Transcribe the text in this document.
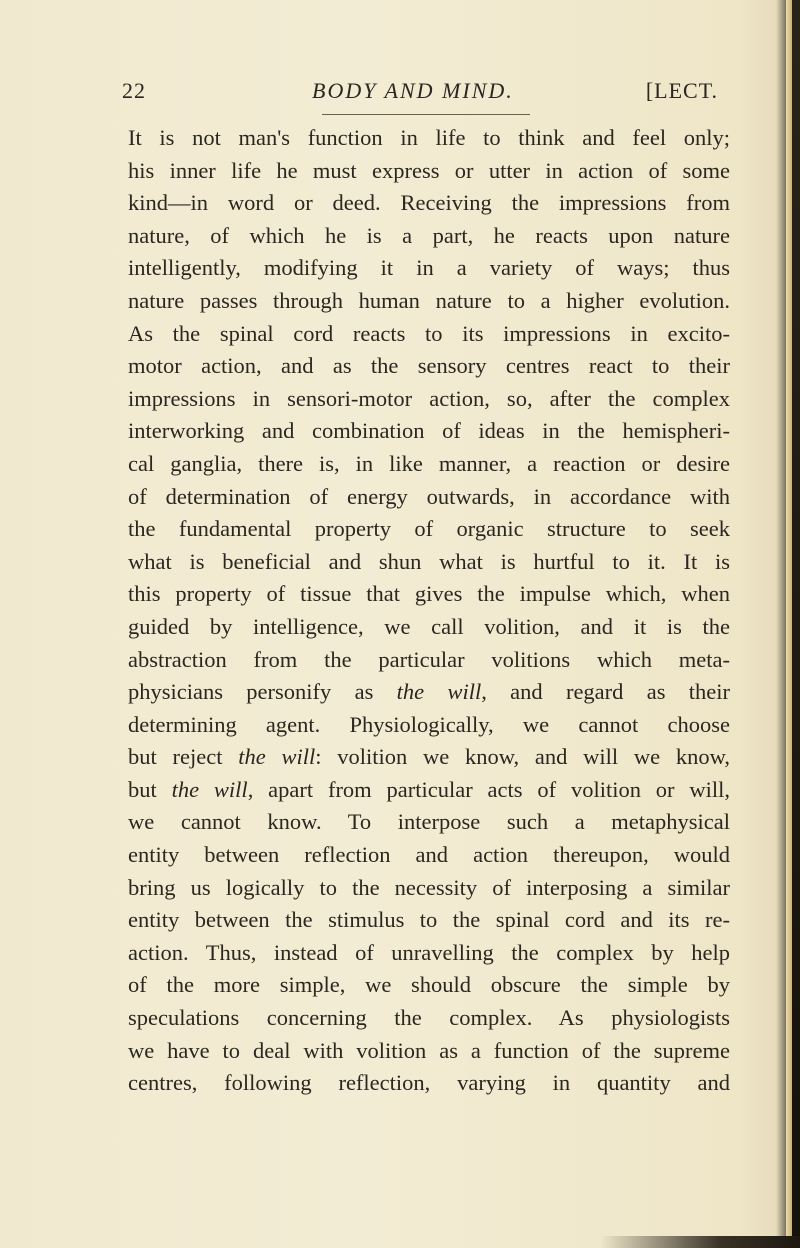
22	BODY AND MIND.	[LECT.
It is not man's function in life to think and feel only;
his inner life he must express or utter in action of some
kind—in word or deed. Receiving the impressions from
nature, of which he is a part, he reacts upon nature
intelligently, modifying it in a variety of ways; thus
nature passes through human nature to a higher evolution.
As the spinal cord reacts to its impressions in excito-
motor action, and as the sensory centres react to their
impressions in sensori-motor action, so, after the complex
interworking and combination of ideas in the hemispheri-
cal ganglia, there is, in like manner, a reaction or desire
of determination of energy outwards, in accordance with
the fundamental property of organic structure to seek
what is beneficial and shun what is hurtful to it. It is
this property of tissue that gives the impulse which, when
guided by intelligence, we call volition, and it is the
abstraction from the particular volitions which meta-
physicians personify as the will, and regard as their
determining agent. Physiologically, we cannot choose
but reject the will: volition we know, and will we know,
but the will, apart from particular acts of volition or will,
we cannot know. To interpose such a metaphysical
entity between reflection and action thereupon, would
bring us logically to the necessity of interposing a similar
entity between the stimulus to the spinal cord and its re-
action. Thus, instead of unravelling the complex by help
of the more simple, we should obscure the simple by
speculations concerning the complex. As physiologists
we have to deal with volition as a function of the supreme
centres, following reflection, varying in quantity and
